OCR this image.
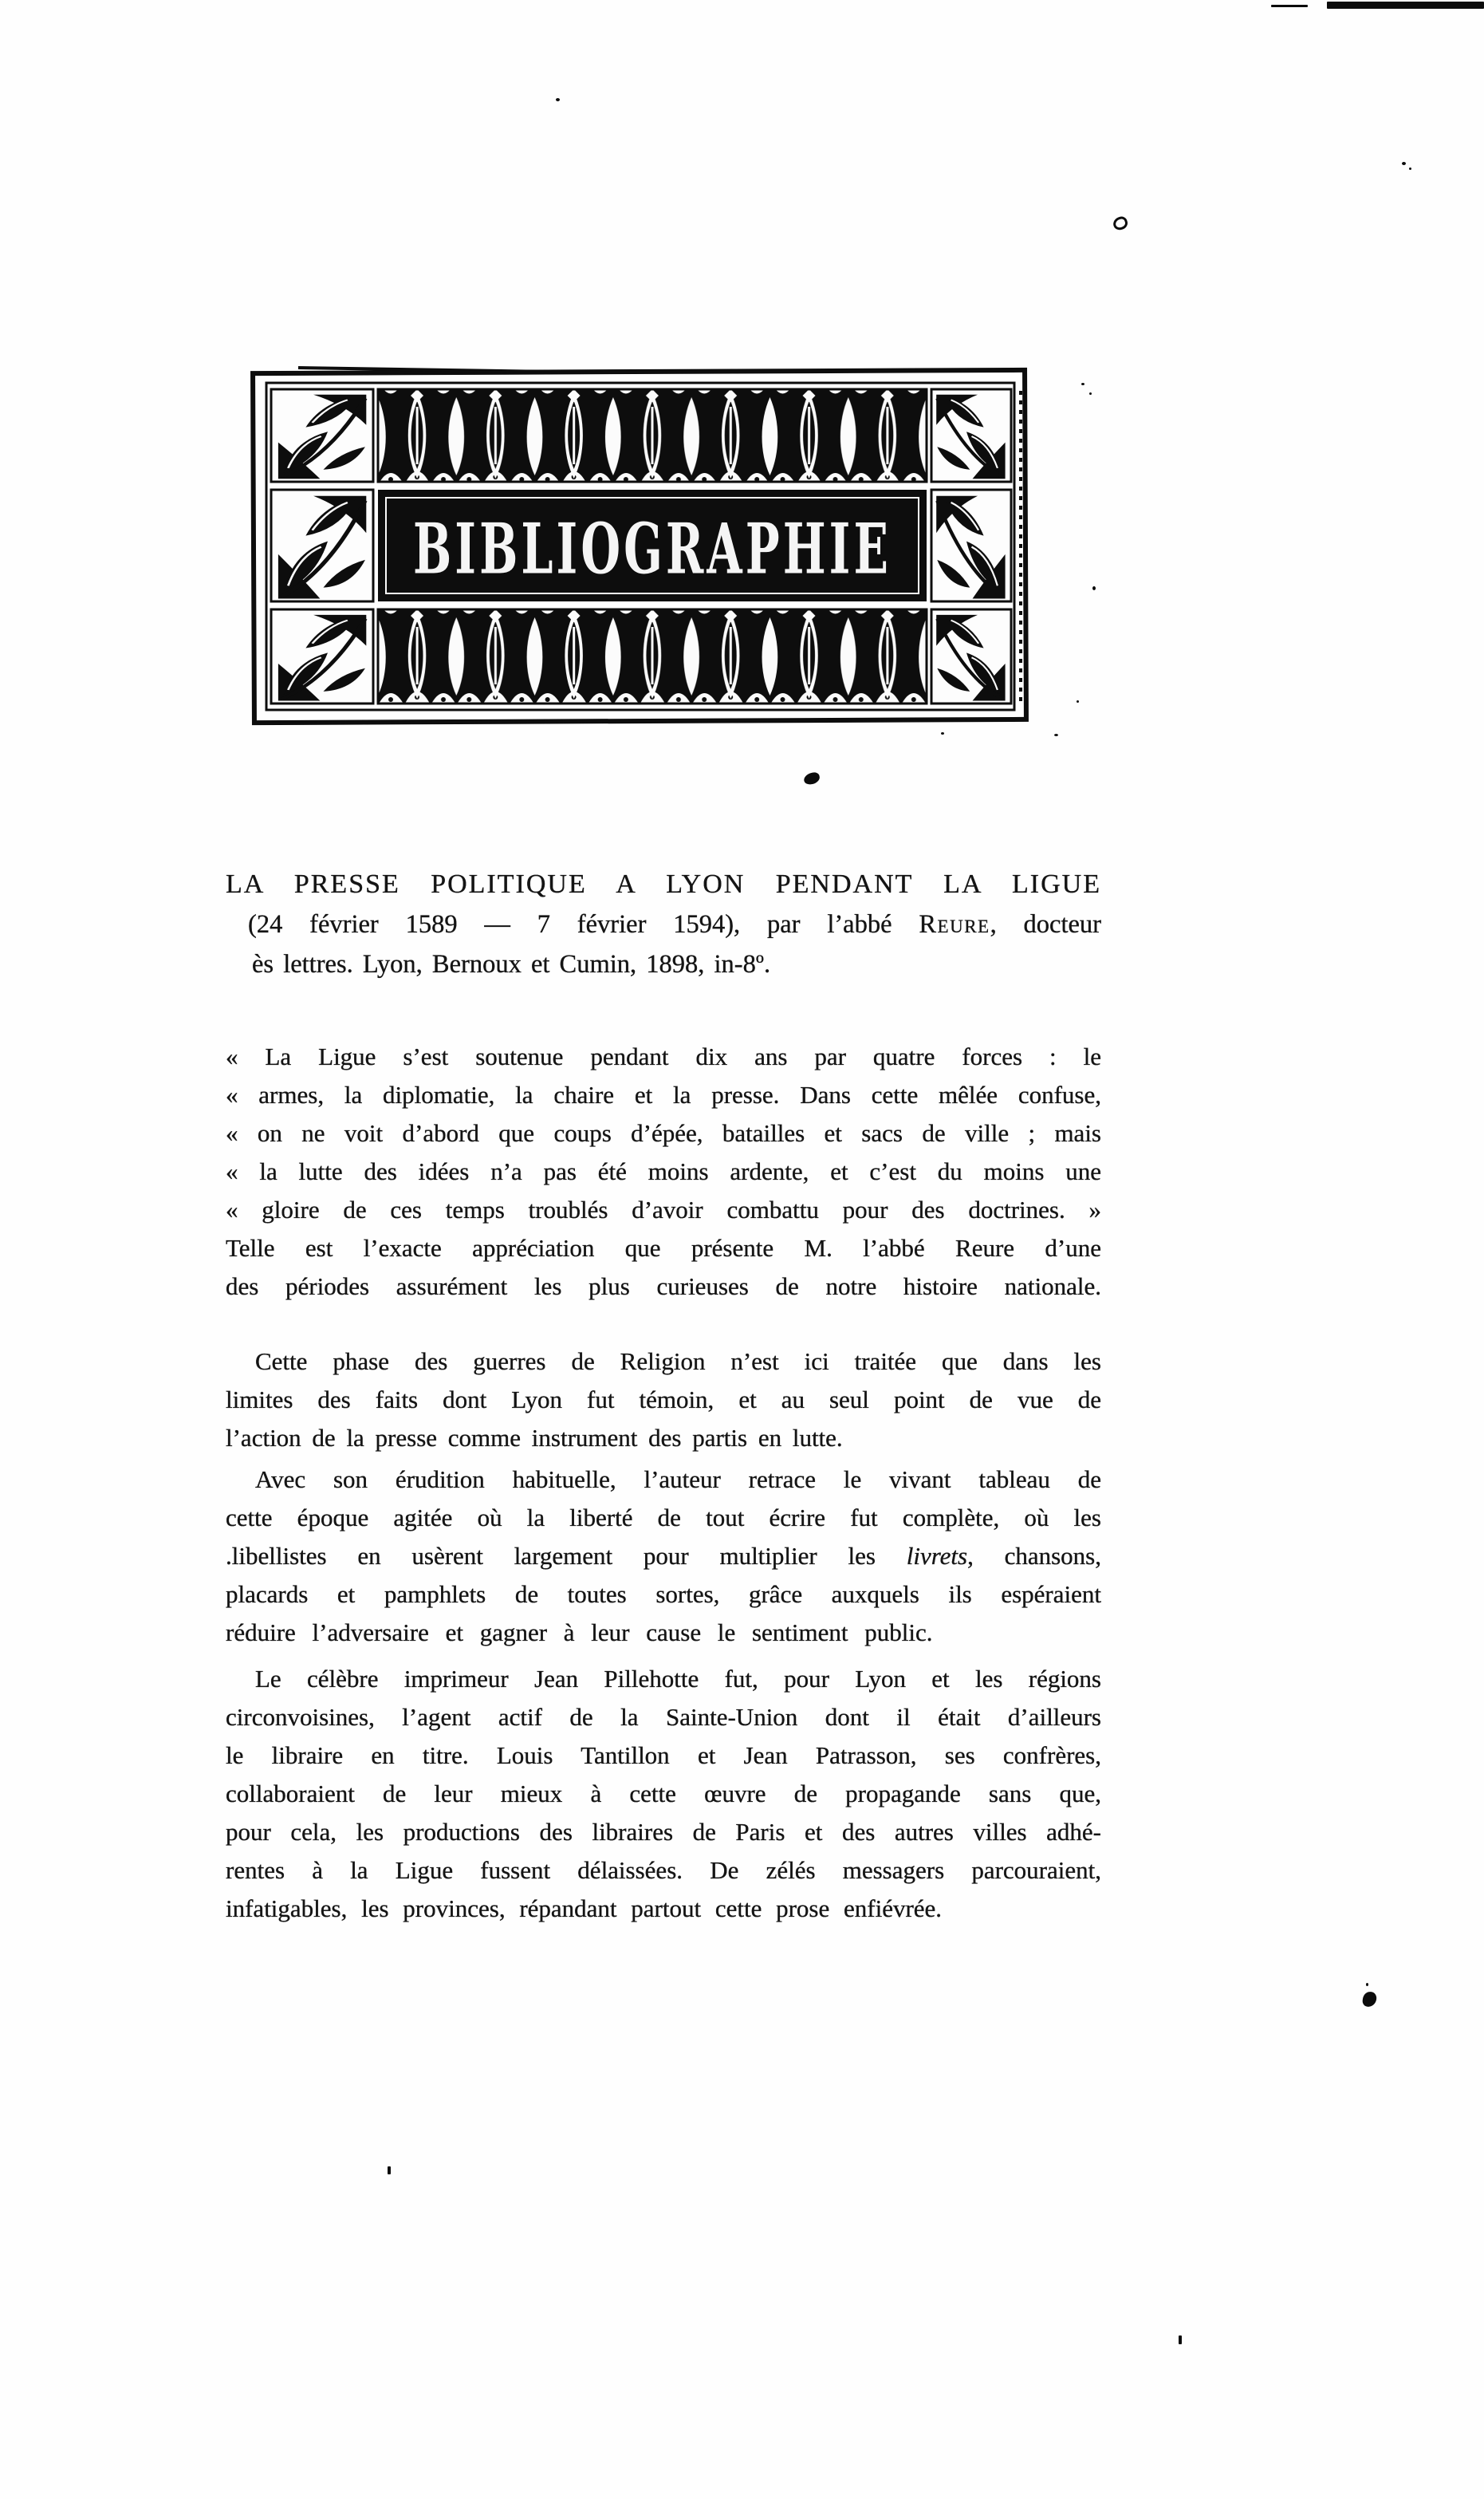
BIBLIOGRAPHIE
LA PRESSE POLITIQUE A LYON PENDANT LA LIGUE
(24 février 1589 — 7 février 1594), par l’abbé Reure, docteur
ès lettres. Lyon, Bernoux et Cumin, 1898, in-8º.
« La Ligue s’est soutenue pendant dix ans par quatre forces : le
« armes, la diplomatie, la chaire et la presse. Dans cette mêlée confuse,
« on ne voit d’abord que coups d’épée, batailles et sacs de ville ; mais
« la lutte des idées n’a pas été moins ardente, et c’est du moins une
« gloire de ces temps troublés d’avoir combattu pour des doctrines. »
Telle est l’exacte appréciation que présente M. l’abbé Reure d’une
des périodes assurément les plus curieuses de notre histoire nationale.
Cette phase des guerres de Religion n’est ici traitée que dans les
limites des faits dont Lyon fut témoin, et au seul point de vue de
l’action de la presse comme instrument des partis en lutte.
Avec son érudition habituelle, l’auteur retrace le vivant tableau de
cette époque agitée où la liberté de tout écrire fut complète, où les
.libellistes en usèrent largement pour multiplier les livrets, chansons,
placards et pamphlets de toutes sortes, grâce auxquels ils espéraient
réduire l’adversaire et gagner à leur cause le sentiment public.
Le célèbre imprimeur Jean Pillehotte fut, pour Lyon et les régions
circonvoisines, l’agent actif de la Sainte-Union dont il était d’ailleurs
le libraire en titre. Louis Tantillon et Jean Patrasson, ses confrères,
collaboraient de leur mieux à cette œuvre de propagande sans que,
pour cela, les productions des libraires de Paris et des autres villes adhé-
rentes à la Ligue fussent délaissées. De zélés messagers parcouraient,
infatigables, les provinces, répandant partout cette prose enfiévrée.
